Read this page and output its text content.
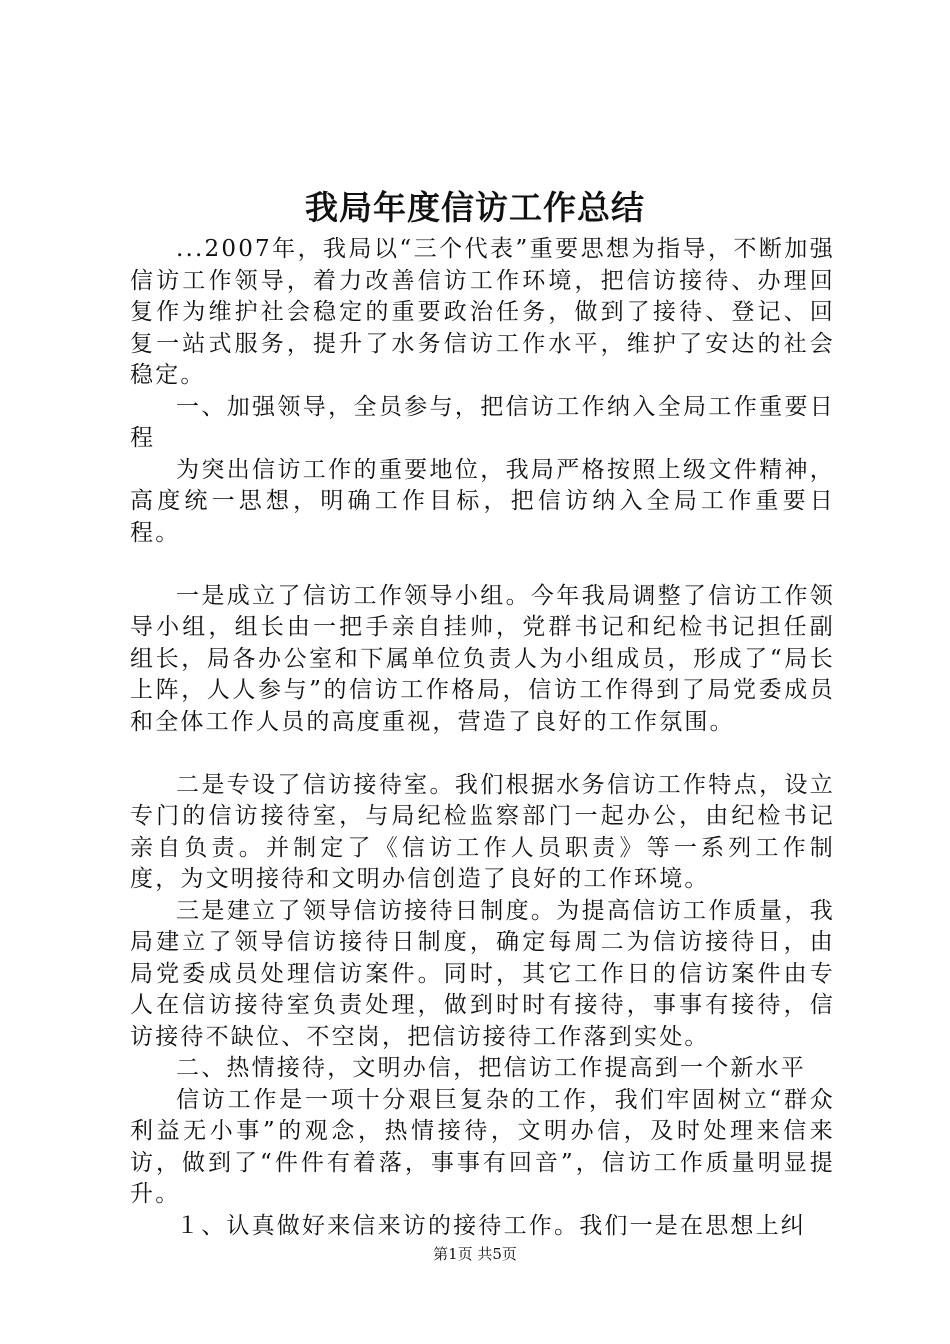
我局年度信访工作总结

...2007年，我局以“三个代表”重要思想为指导，不断加强信访工作领导，着力改善信访工作环境，把信访接待、办理回复作为维护社会稳定的重要政治任务，做到了接待、登记、回复一站式服务，提升了水务信访工作水平，维护了安达的社会稳定。

一、加强领导，全员参与，把信访工作纳入全局工作重要日程

为突出信访工作的重要地位，我局严格按照上级文件精神，高度统一思想，明确工作目标，把信访纳入全局工作重要日程。

一是成立了信访工作领导小组。今年我局调整了信访工作领导小组，组长由一把手亲自挂帅，党群书记和纪检书记担任副组长，局各办公室和下属单位负责人为小组成员，形成了“局长上阵，人人参与”的信访工作格局，信访工作得到了局党委成员和全体工作人员的高度重视，营造了良好的工作氛围。

二是专设了信访接待室。我们根据水务信访工作特点，设立专门的信访接待室，与局纪检监察部门一起办公，由纪检书记亲自负责。并制定了《信访工作人员职责》等一系列工作制度，为文明接待和文明办信创造了良好的工作环境。

三是建立了领导信访接待日制度。为提高信访工作质量，我局建立了领导信访接待日制度，确定每周二为信访接待日，由局党委成员处理信访案件。同时，其它工作日的信访案件由专人在信访接待室负责处理，做到时时有接待，事事有接待，信访接待不缺位、不空岗，把信访接待工作落到实处。

二、热情接待，文明办信，把信访工作提高到一个新水平

信访工作是一项十分艰巨复杂的工作，我们牢固树立“群众利益无小事”的观念，热情接待，文明办信，及时处理来信来访，做到了“件件有着落，事事有回音”，信访工作质量明显提升。

１、认真做好来信来访的接待工作。我们一是在思想上纠

第1页 共5页
